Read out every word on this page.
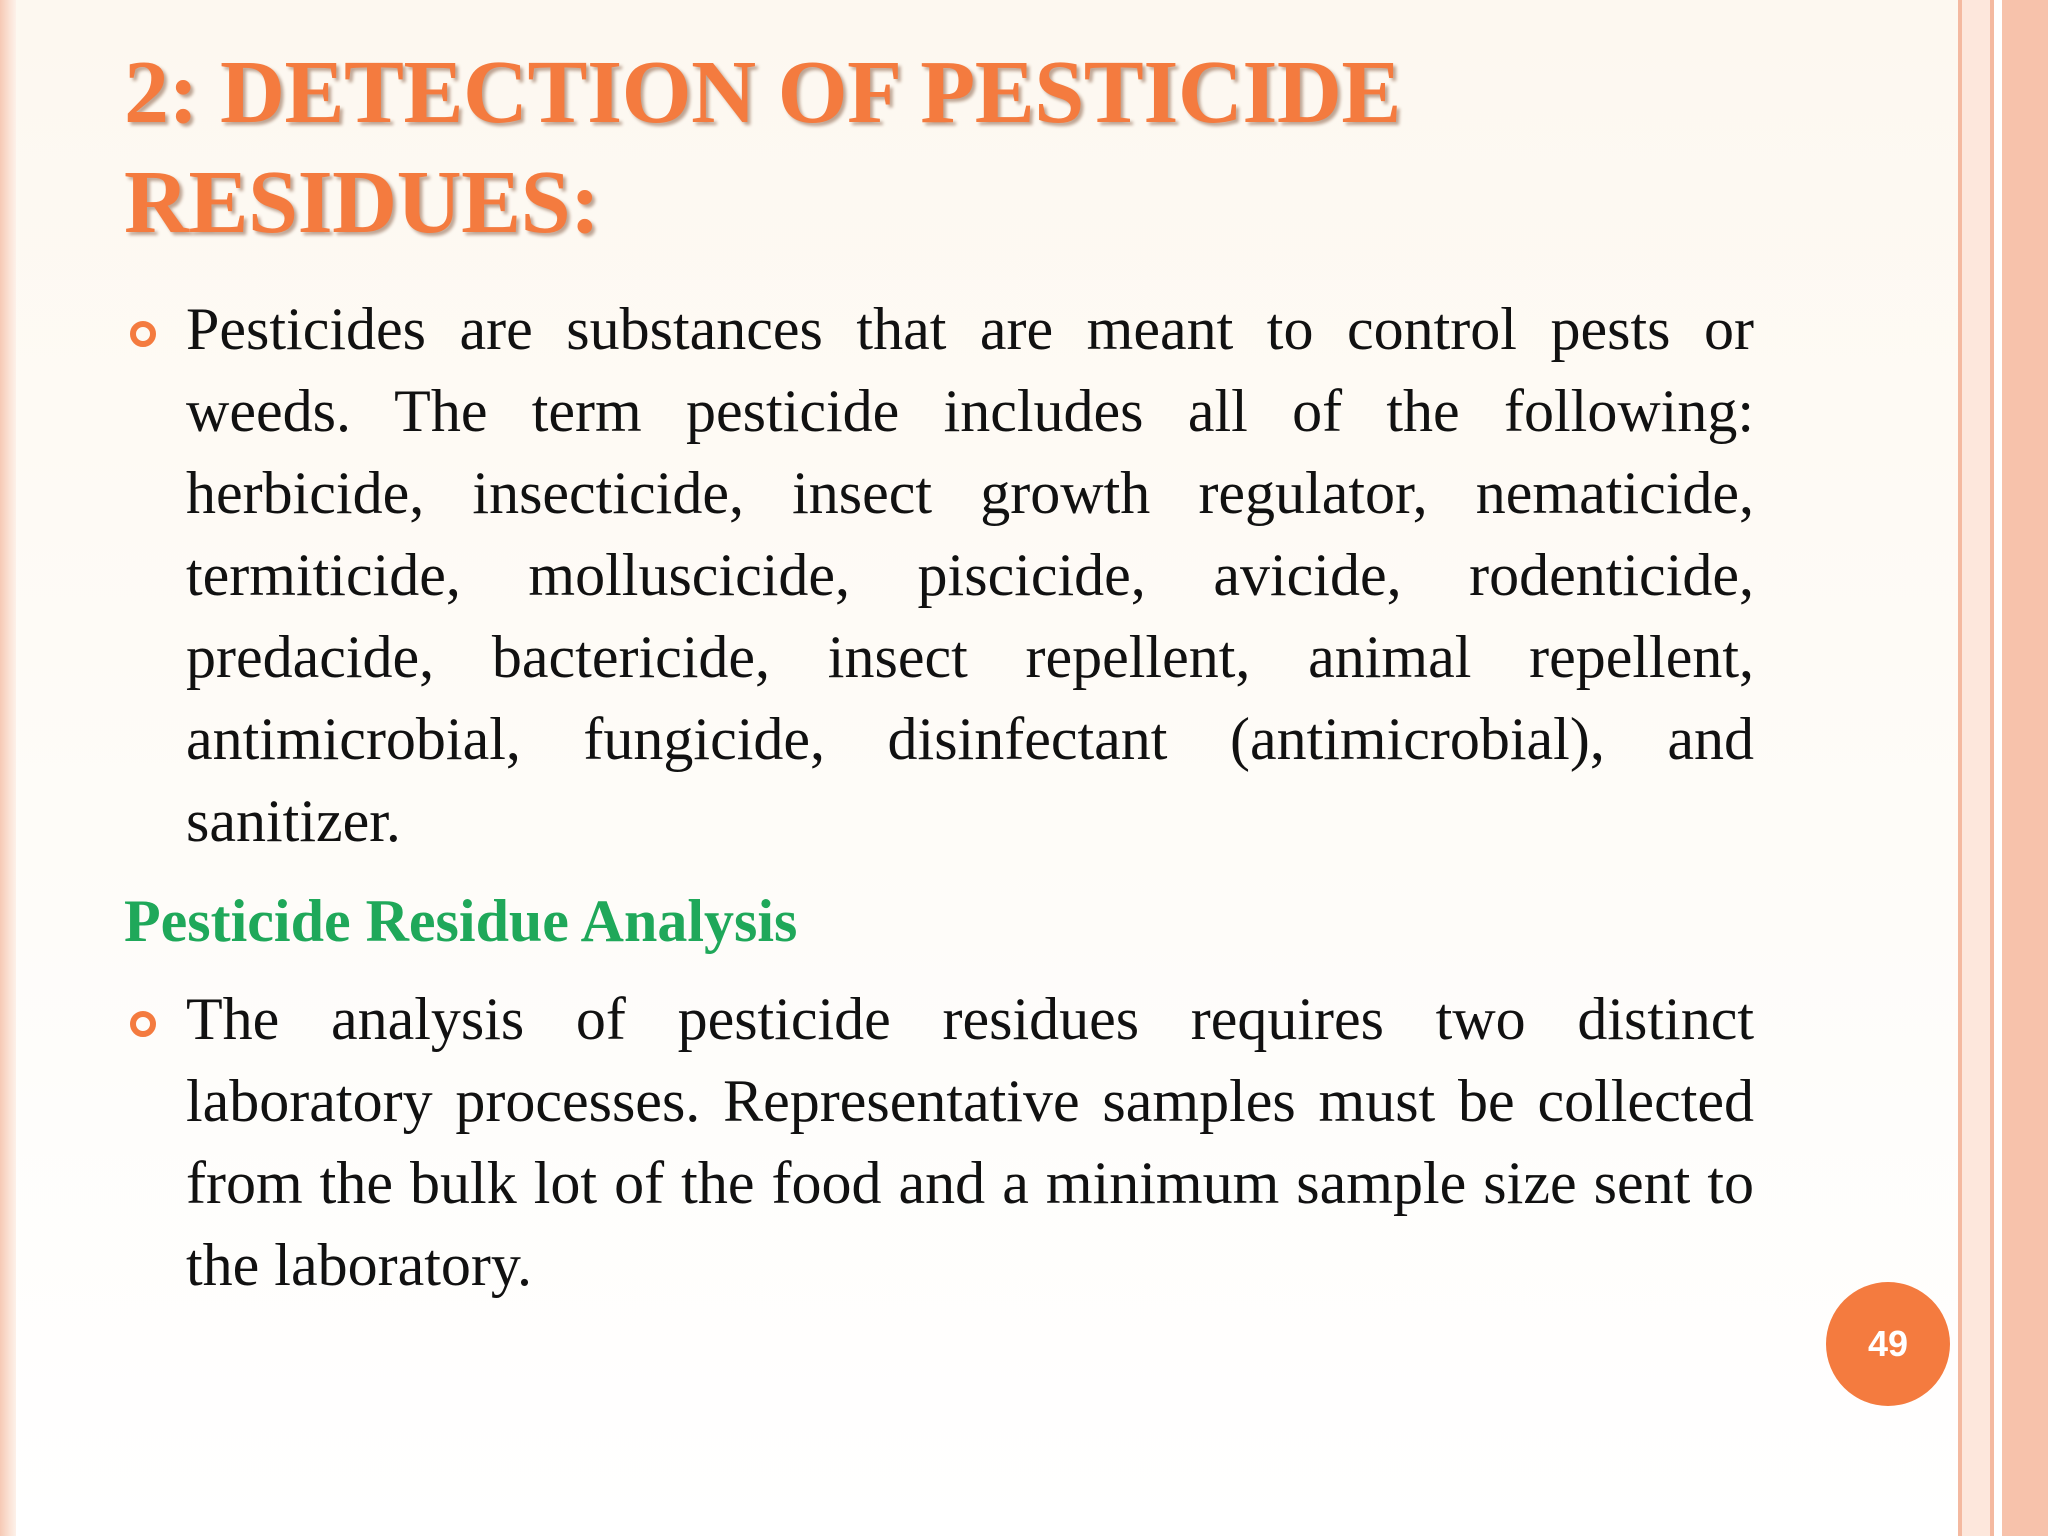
2: DETECTION OF PESTICIDE RESIDUES:

Pesticides are substances that are meant to control pests or weeds. The term pesticide includes all of the following: herbicide, insecticide, insect growth regulator, nematicide, termiticide, molluscicide, piscicide, avicide, rodenticide, predacide, bactericide, insect repellent, animal repellent, antimicrobial, fungicide, disinfectant (antimicrobial), and sanitizer.

Pesticide Residue Analysis

The analysis of pesticide residues requires two distinct laboratory processes. Representative samples must be collected from the bulk lot of the food and a minimum sample size sent to the laboratory.

49
